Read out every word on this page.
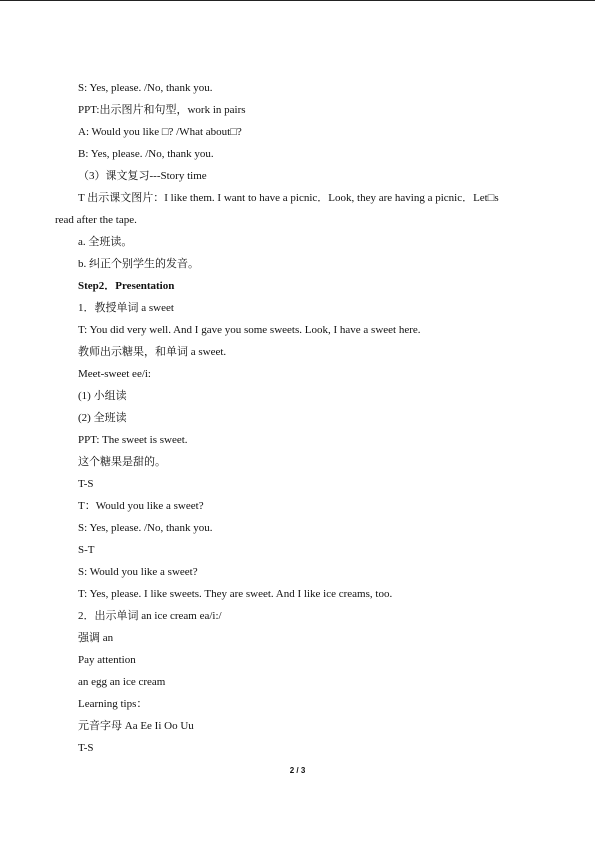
S: Yes, please. /No, thank you.
PPT:出示图片和句型，work in pairs
A: Would you like □? /What about□?
B: Yes, please. /No, thank you.
（3）课文复习---Story time
T 出示课文图片：I like them. I want to have a picnic．Look, they are having a picnic．Let□s
read after the tape.
a. 全班读。
b. 纠正个别学生的发音。
Step2．Presentation
1．教授单词 a sweet
T: You did very well. And I gave you some sweets. Look, I have a sweet here.
教师出示糖果，和单词 a sweet.
Meet-sweet ee/i:
(1) 小组读
(2) 全班读
PPT: The sweet is sweet.
这个糖果是甜的。
T-S
T：Would you like a sweet?
S: Yes, please. /No, thank you.
S-T
S: Would you like a sweet?
T: Yes, please. I like sweets. They are sweet. And I like ice creams, too.
2．出示单词 an ice cream ea/i:/
强调 an
Pay attention
an egg an ice cream
Learning tips：
元音字母 Aa Ee Ii Oo Uu
T-S
2 / 3
